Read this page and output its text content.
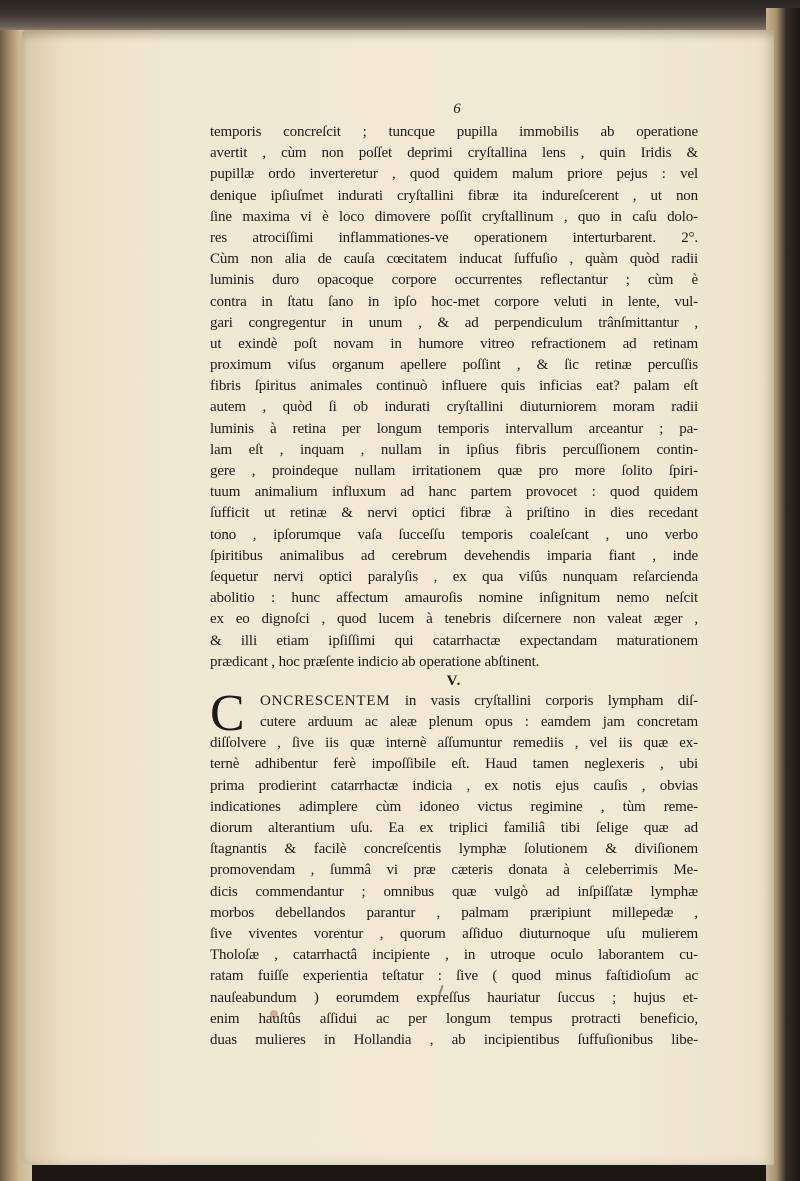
6
temporis concreſcit ; tuncque pupilla immobilis ab operatione
avertit , cùm non poſſet deprimi cryſtallina lens , quin Iridis &
pupillæ ordo inverteretur , quod quidem malum priore pejus : vel
denique ipſiuſmet indurati cryſtallini fibræ ita indureſcerent , ut non
ſine maxima vi è loco dimovere poſſit cryſtallinum , quo in caſu dolo-
res atrociſſimi inflammationes-ve operationem interturbarent. 2°.
Cùm non alia de cauſa cœcitatem inducat ſuffuſio , quàm quòd radii
luminis duro opacoque corpore occurrentes reflectantur ; cùm è
contra in ſtatu ſano in ipſo hoc-met corpore veluti in lente, vul-
gari congregentur in unum , & ad perpendiculum trânſmittantur ,
ut exindè poſt novam in humore vitreo refractionem ad retinam
proximum viſus organum apellere poſſint , & ſic retinæ percuſſis
fibris ſpiritus animales continuò influere quis inficias eat? palam eſt
autem , quòd ſi ob indurati cryſtallini diuturniorem moram radii
luminis à retina per longum temporis intervallum arceantur ; pa-
lam eſt , inquam , nullam in ipſius fibris percuſſionem contin-
gere , proindeque nullam irritationem quæ pro more ſolito ſpiri-
tuum animalium influxum ad hanc partem provocet : quod quidem
ſufficit ut retinæ & nervi optici fibræ à priſtino in dies recedant
tono , ipſorumque vaſa ſucceſſu temporis coaleſcant , uno verbo
ſpiritibus animalibus ad cerebrum devehendis imparia fiant , inde
ſequetur nervi optici paralyſis , ex qua viſûs nunquam reſarcienda
abolitio : hunc affectum amauroſis nomine inſignitum nemo neſcit
ex eo dignoſci , quod lucem à tenebris diſcernere non valeat æger ,
& illi etiam ipſiſſimi qui catarrhactæ expectandam maturationem
prædicant , hoc præſente indicio ab operatione abſtinent.
V.
C	ONCRESCENTEM in vasis cryſtallini corporis lympham diſ-
cutere arduum ac aleæ plenum opus : eamdem jam concretam
diſſolvere , ſive iis quæ internè aſſumuntur remediis , vel iis quæ ex-
ternè adhibentur ferè impoſſibile eſt. Haud tamen neglexeris , ubi
prima prodierint catarrhactæ indicia , ex notis ejus cauſis , obvias
indicationes adimplere cùm idoneo victus regimine , tùm reme-
diorum alterantium uſu. Ea ex triplici familiâ tibi ſelige quæ ad
ſtagnantis & facilè concreſcentis lymphæ ſolutionem & diviſionem
promovendam , ſummâ vi præ cæteris donata à celeberrimis Me-
dicis commendantur ; omnibus quæ vulgò ad inſpiſſatæ lymphæ
morbos debellandos parantur , palmam præripiunt millepedæ ,
ſive viventes vorentur , quorum aſſiduo diuturnoque uſu mulierem
Tholoſæ , catarrhactâ incipiente , in utroque oculo laborantem cu-
ratam fuiſſe experientia teſtatur : ſive ( quod minus faſtidioſum ac
nauſeabundum ) eorumdem expreſſus hauriatur ſuccus ; hujus et-
enim hauſtûs aſſidui ac per longum tempus protracti beneficio,
duas mulieres in Hollandia , ab incipientibus ſuffuſionibus libe-
